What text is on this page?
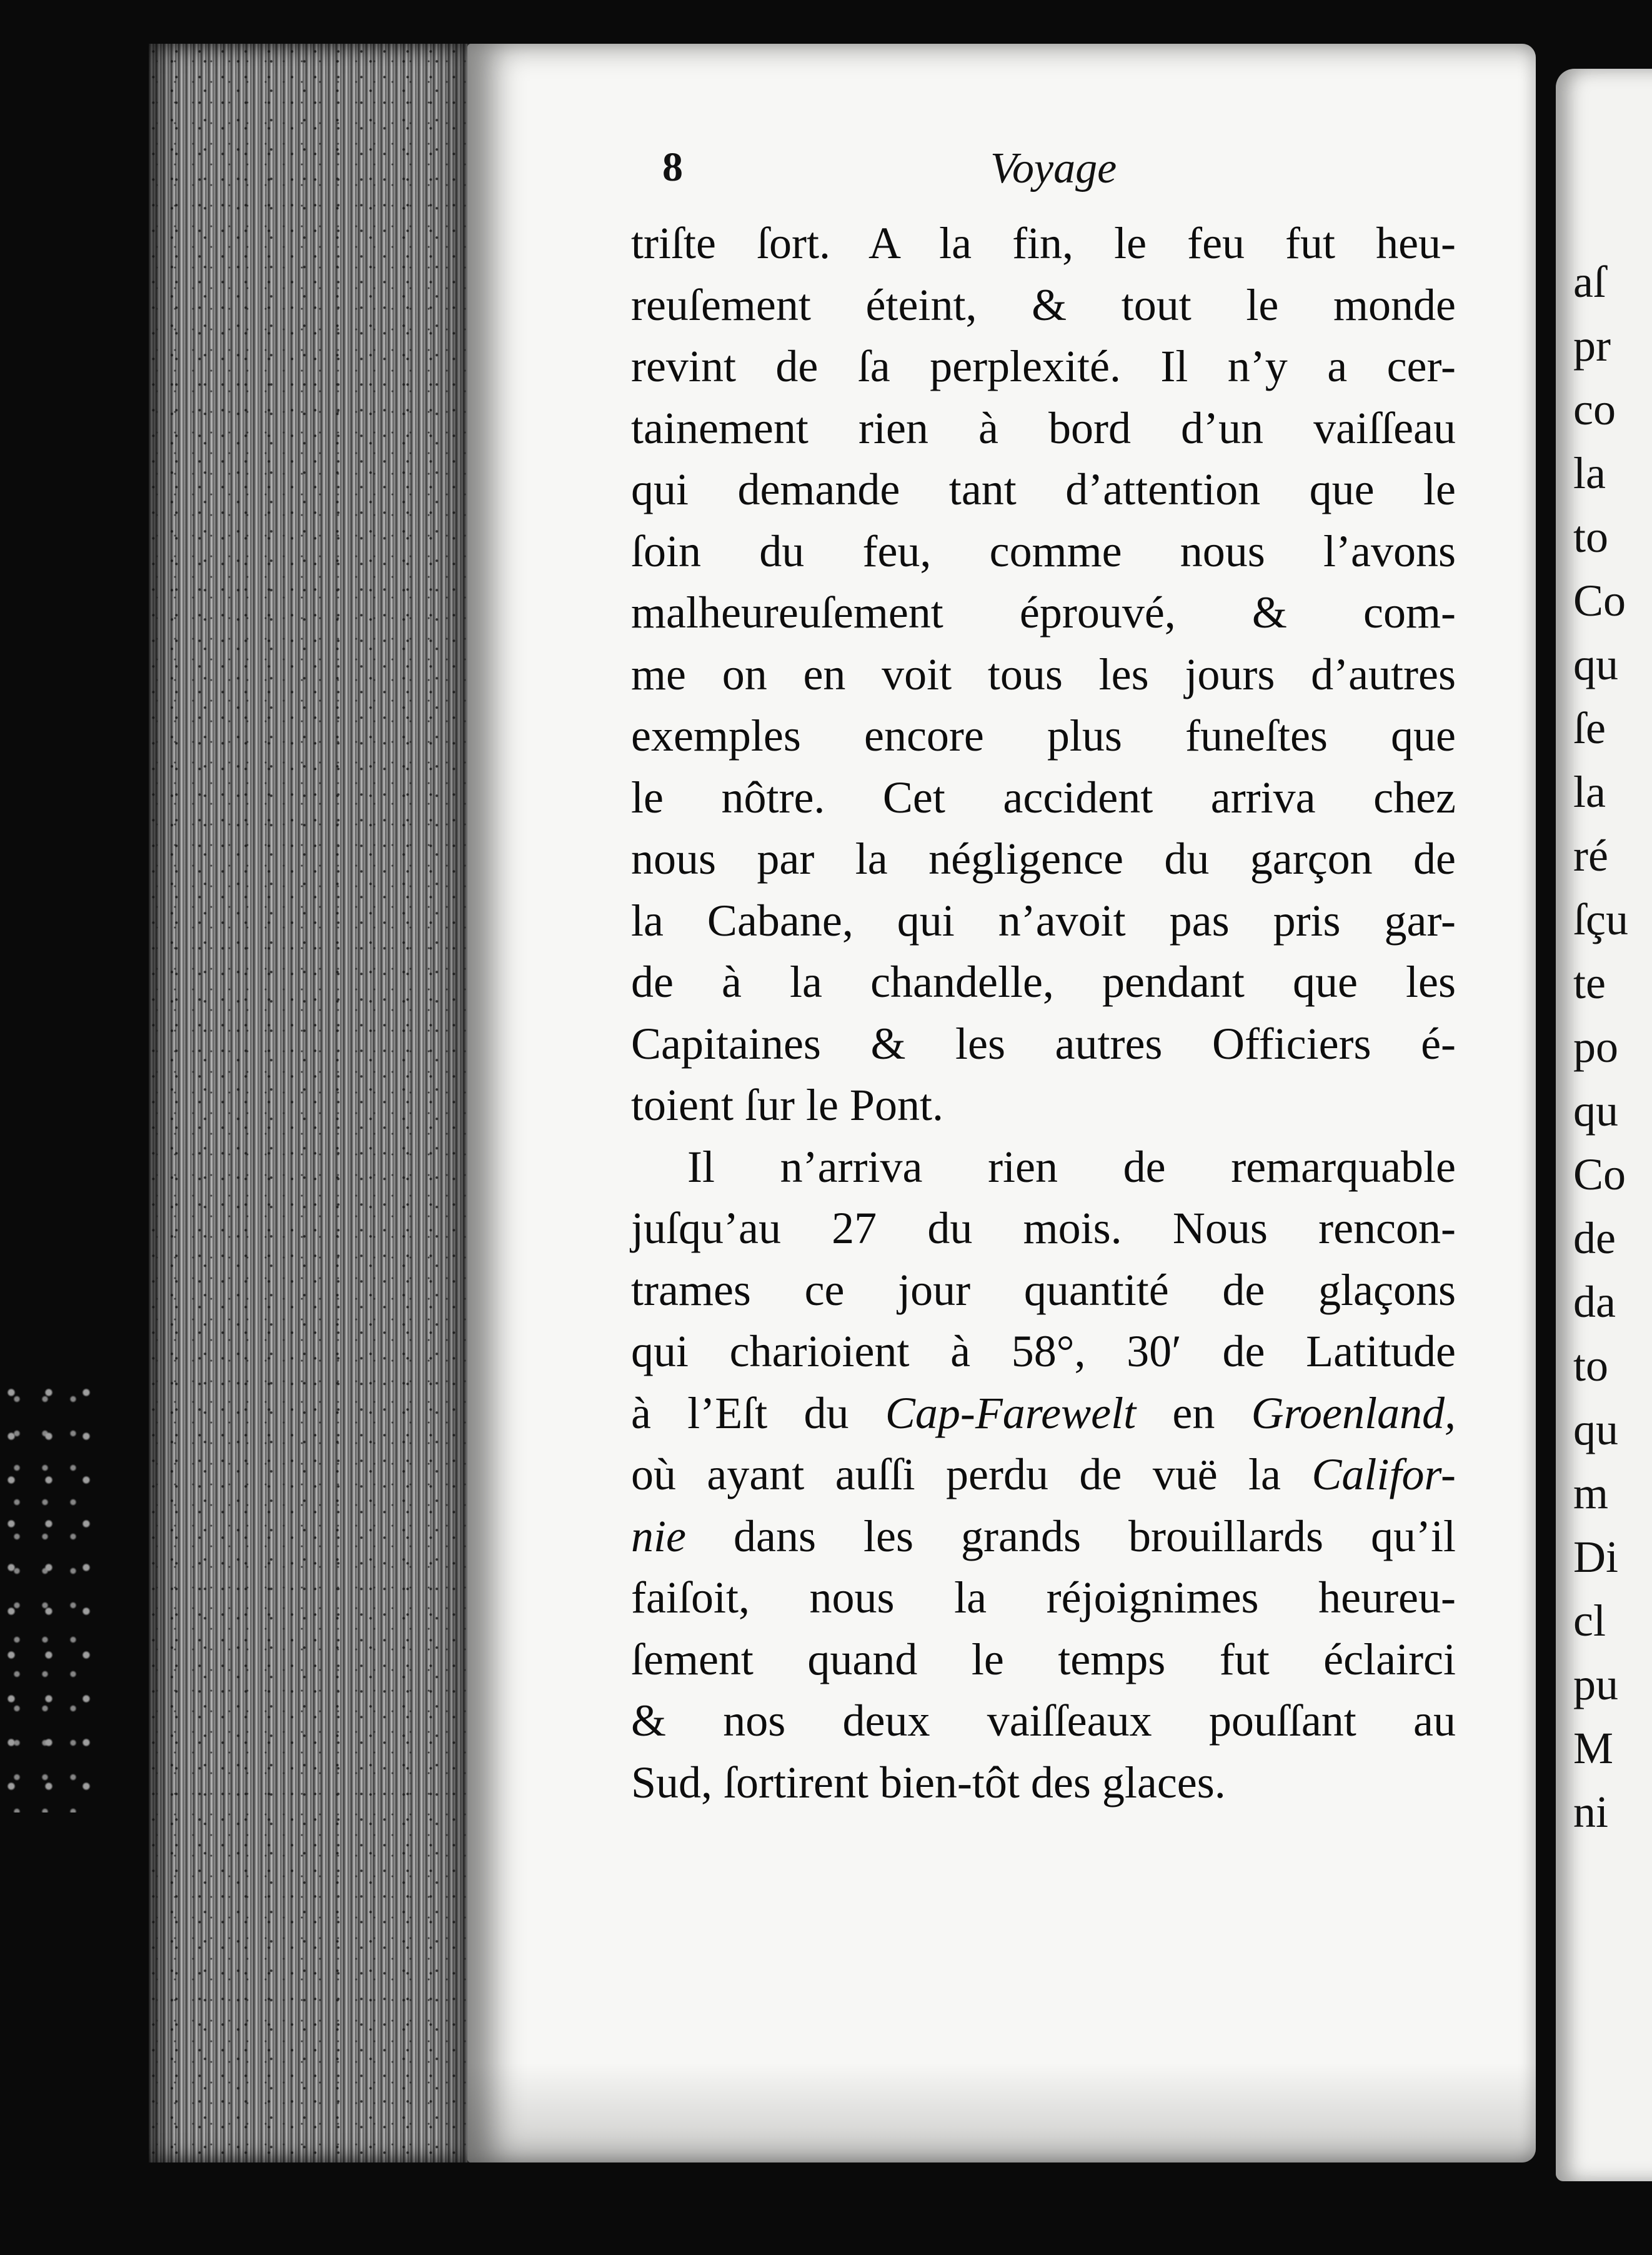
8	Voyage
triſte ſort. A la fin, le feu fut heu-
reuſement éteint, & tout le monde
revint de ſa perplexité. Il n’y a cer-
tainement rien à bord d’un vaiſſeau
qui demande tant d’attention que le
ſoin du feu, comme nous l’avons
malheureuſement éprouvé, & com-
me on en voit tous les jours d’autres
exemples encore plus funeſtes que
le nôtre. Cet accident arriva chez
nous par la négligence du garçon de
la Cabane, qui n’avoit pas pris gar-
de à la chandelle, pendant que les
Capitaines & les autres Officiers é-
toient ſur le Pont.
Il n’arriva rien de remarquable
juſqu’au 27 du mois. Nous rencon-
trames ce jour quantité de glaçons
qui charioient à 58°, 30′ de Latitude
à l’Eſt du Cap-Farewelt en Groenland,
où ayant auſſi perdu de vuë la Califor-
nie dans les grands brouillards qu’il
faiſoit, nous la réjoignimes heureu-
ſement quand le temps fut éclairci
& nos deux vaiſſeaux pouſſant au
Sud, ſortirent bien-tôt des glaces.
aſ
pr
co
la
to
Co
qu
ſe
la
ré
ſçu
te
po
qu
Co
de
da
to
qu
m
Di
cl
pu
M
ni
